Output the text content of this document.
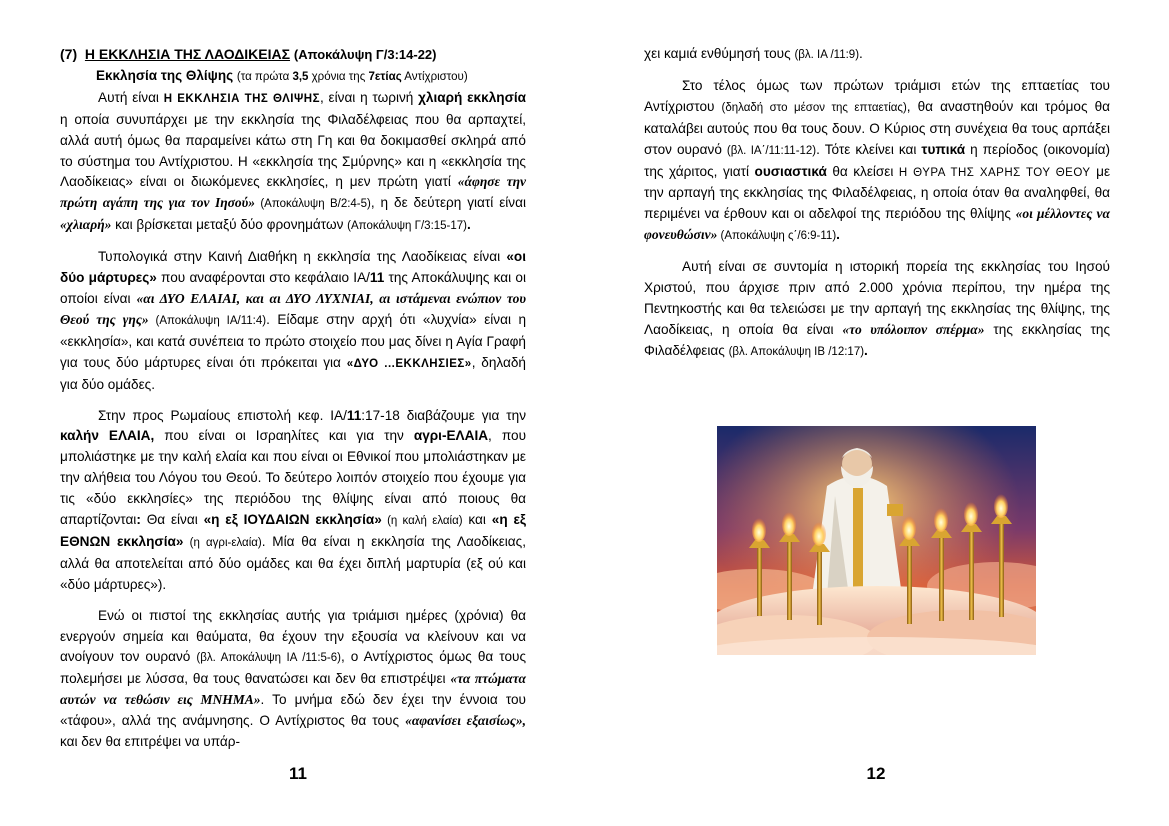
(7) Η ΕΚΚΛΗΣΙΑ ΤΗΣ ΛΑΟΔΙΚΕΙΑΣ (Αποκάλυψη Γ/3:14-22)
Εκκλησία της Θλίψης (τα πρώτα 3,5 χρόνια της 7ετίας Αντίχριστου)

Αυτή είναι Η ΕΚΚΛΗΣΙΑ ΤΗΣ ΘΛΙΨΗΣ, είναι η τωρινή χλιαρή εκκλησία η οποία συνυπάρχει με την εκκλησία της Φιλαδέλφειας που θα αρπαχτεί, αλλά αυτή όμως θα παραμείνει κάτω στη Γη και θα δοκιμασθεί σκληρά από το σύστημα του Αντίχριστου. Η «εκκλησία της Σμύρνης» και η «εκκλησία της Λαοδίκειας» είναι οι διωκόμενες εκκλησίες, η μεν πρώτη γιατί «άφησε την πρώτη αγάπη της για τον Ιησού» (Αποκάλυψη Β/2:4-5), η δε δεύτερη γιατί είναι «χλιαρή» και βρίσκεται μεταξύ δύο φρονημάτων (Αποκάλυψη Γ/3:15-17).

Τυπολογικά στην Καινή Διαθήκη η εκκλησία της Λαοδίκειας είναι «οι δύο μάρτυρες» που αναφέρονται στο κεφάλαιο ΙΑ/11 της Αποκάλυψης και οι οποίοι είναι «αι ΔΥΟ ΕΛΑΙΑΙ, και αι ΔΥΟ ΛΥΧΝΙΑΙ, αι ιστάμεναι ενώπιον του Θεού της γης» (Αποκάλυψη ΙΑ/11:4). Είδαμε στην αρχή ότι «λυχνία» είναι η «εκκλησία», και κατά συνέπεια το πρώτο στοιχείο που μας δίνει η Αγία Γραφή για τους δύο μάρτυρες είναι ότι πρόκειται για «ΔΥΟ ...ΕΚΚΛΗΣΙΕΣ», δηλαδή για δύο ομάδες.

Στην προς Ρωμαίους επιστολή κεφ. ΙΑ/11:17-18 διαβάζουμε για την καλήν ΕΛΑΙΑ, που είναι οι Ισραηλίτες και για την αγρι-ΕΛΑΙΑ, που μπολιάστηκε με την καλή ελαία και που είναι οι Εθνικοί που μπολιάστηκαν με την αλήθεια του Λόγου του Θεού. Το δεύτερο λοιπόν στοιχείο που έχουμε για τις «δύο εκκλησίες» της περιόδου της θλίψης είναι από ποιους θα απαρτίζονται: Θα είναι «η εξ ΙΟΥΔΑΙΩΝ εκκλησία» (η καλή ελαία) και «η εξ ΕΘΝΩΝ εκκλησία» (η αγρι-ελαία). Μία θα είναι η εκκλησία της Λαοδίκειας, αλλά θα αποτελείται από δύο ομάδες και θα έχει διπλή μαρτυρία (εξ ού και «δύο μάρτυρες»).

Ενώ οι πιστοί της εκκλησίας αυτής για τριάμισι ημέρες (χρόνια) θα ενεργούν σημεία και θαύματα, θα έχουν την εξουσία να κλείνουν και να ανοίγουν τον ουρανό (βλ. Αποκάλυψη ΙΑ /11:5-6), ο Αντίχριστος όμως θα τους πολεμήσει με λύσσα, θα τους θανατώσει και δεν θα επιστρέψει «τα πτώματα αυτών να τεθώσιν εις ΜΝΗΜΑ». Το μνήμα εδώ δεν έχει την έννοια του «τάφου», αλλά της ανάμνησης. Ο Αντίχριστος θα τους «αφανίσει εξαισίως», και δεν θα επιτρέψει να υπάρ-

11

χει καμιά ενθύμησή τους (βλ. ΙΑ /11:9).

Στο τέλος όμως των πρώτων τριάμισι ετών της επταετίας του Αντίχριστου (δηλαδή στο μέσον της επταετίας), θα αναστηθούν και τρόμος θα καταλάβει αυτούς που θα τους δουν. Ο Κύριος στη συνέχεια θα τους αρπάξει στον ουρανό (βλ. ΙΑ΄/11:11-12). Τότε κλείνει και τυπικά η περίοδος (οικονομία) της χάριτος, γιατί ουσιαστικά θα κλείσει Η ΘΥΡΑ ΤΗΣ ΧΑΡΗΣ ΤΟΥ ΘΕΟΥ με την αρπαγή της εκκλησίας της Φιλαδέλφειας, η οποία όταν θα αναληφθεί, θα περιμένει να έρθουν και οι αδελφοί της περιόδου της θλίψης «οι μέλλοντες να φονευθώσιν» (Αποκάλυψη ς΄/6:9-11).

Αυτή είναι σε συντομία η ιστορική πορεία της εκκλησίας του Ιησού Χριστού, που άρχισε πριν από 2.000 χρόνια περίπου, την ημέρα της Πεντηκοστής και θα τελειώσει με την αρπαγή της εκκλησίας της θλίψης, της Λαοδίκειας, η οποία θα είναι «το υπόλοιπον σπέρμα» της εκκλησίας της Φιλαδέλφειας (βλ. Αποκάλυψη ΙΒ /12:17).

12
